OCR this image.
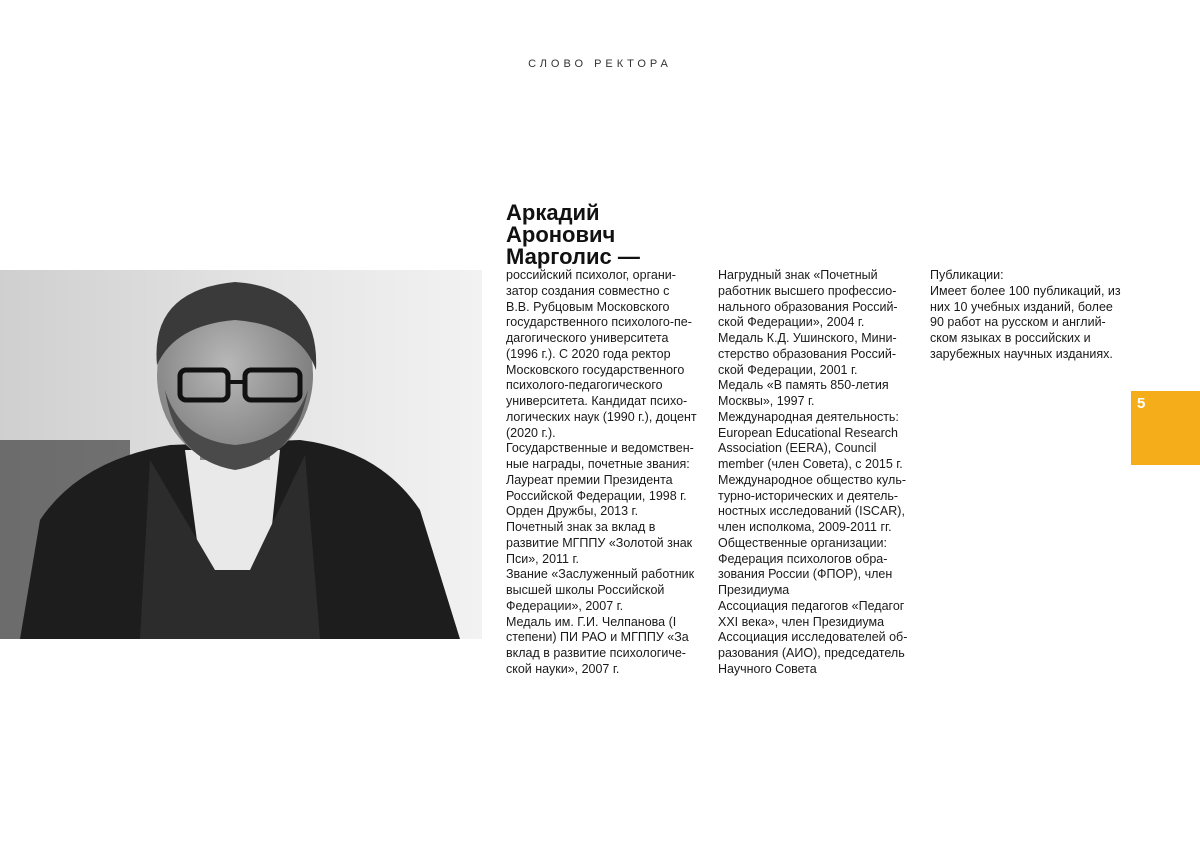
СЛОВО РЕКТОРА
Аркадий
Аронович
Марголис —
российский психолог, органи-
затор создания совместно с
В.В. Рубцовым Московского
государственного психолого-пе-
дагогического университета
(1996 г.). С 2020 года ректор
Московского государственного
психолого-педагогического
университета. Кандидат психо-
логических наук (1990 г.), доцент
(2020 г.).
Государственные и ведомствен-
ные награды, почетные звания:
Лауреат премии Президента
Российской Федерации, 1998 г.
Орден Дружбы, 2013 г.
Почетный знак за вклад в
развитие МГППУ «Золотой знак
Пси», 2011 г.
Звание «Заслуженный работник
высшей школы Российской
Федерации», 2007 г.
Медаль им. Г.И. Челпанова (I
степени) ПИ РАО и МГППУ «За
вклад в развитие психологиче-
ской науки», 2007 г.
Нагрудный знак «Почетный
работник высшего профессио-
нального образования Россий-
ской Федерации», 2004 г.
Медаль К.Д. Ушинского, Мини-
стерство образования Россий-
ской Федерации, 2001 г.
Медаль «В память 850-летия
Москвы», 1997 г.
Международная деятельность:
European Educational Research
Association (EERA), Council
member (член Совета), с 2015 г.
Международное общество куль-
турно-исторических и деятель-
ностных исследований (ISCAR),
член исполкома, 2009-2011 гг.
Общественные организации:
Федерация психологов обра-
зования России (ФПОР), член
Президиума
Ассоциация педагогов «Педагог
XXI века», член Президиума
Ассоциация исследователей об-
разования (АИО), председатель
Научного Совета
Публикации:
Имеет более 100 публикаций, из
них 10 учебных изданий, более
90 работ на русском и англий-
ском языках в российских и
зарубежных научных изданиях.
5
